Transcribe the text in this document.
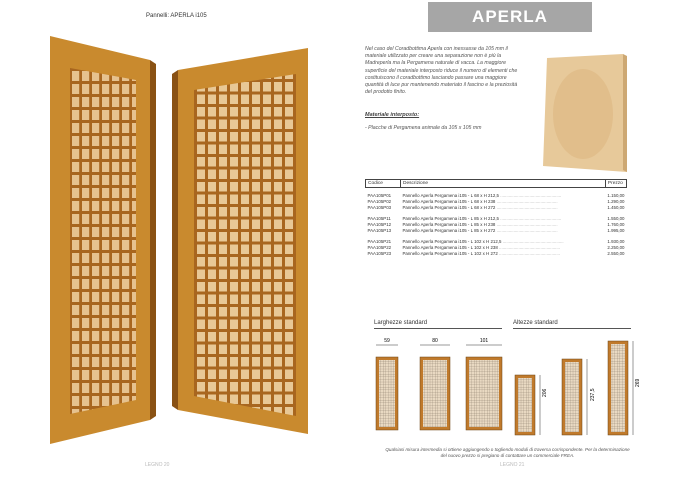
Pannelli: APERLA i105
LEGNO 20
APERLA
Nel caso del Coradbottima Aperla con inessasse da 105 mm il materiale utilizzato per creare una separazione non è più la Madreperla ma la Pergamena naturale di vacca. La maggiore superficie del materiale interposto riduce il numero di elementi che costituiscono il coradbottimo lasciando passare una maggiore quantità di luce pur mantenendo materiato il fascino e la preziosità del prodotto finito.
Materiale interposto:
- Placche di Pergamena animale da 105 x 105 mm
Codice	Descrizione	Prezzo

PAA105P01	Pannello Aperla Pergamena i105 - L 68 x H 212,5 ..................................................	1.150,00
PAA105P02	Pannello Aperla Pergamena i105 - L 68 x H 238 ..................................................	1.290,00
PAA105P03	Pannello Aperla Pergamena i105 - L 68 x H 272 ..................................................	1.450,00

PAA105P11	Pannello Aperla Pergamena i105 - L 85 x H 212,5 ..................................................	1.550,00
PAA105P12	Pannello Aperla Pergamena i105 - L 85 x H 238 ..................................................	1.760,00
PAA105P13	Pannello Aperla Pergamena i105 - L 85 x H 272 ..................................................	1.995,00

PAA105P21	Pannello Aperla Pergamena i105 - L 102 x H 212,5 ..................................................	1.930,00
PAA105P22	Pannello Aperla Pergamena i105 - L 102 x H 238 ..................................................	2.250,00
PAA105P23	Pannello Aperla Pergamena i105 - L 102 x H 272 ..................................................	2.550,00
Larghezze standard	Altezze standard
59	80	101
206	237,5
269
Qualsiasi misura intermedia si ottiene aggiungendo o togliendo moduli di traversa corrispondente. Per la determinazione del nuovo prezzo si pregiano di contattare un commerciale FREA.
LEGNO 21
